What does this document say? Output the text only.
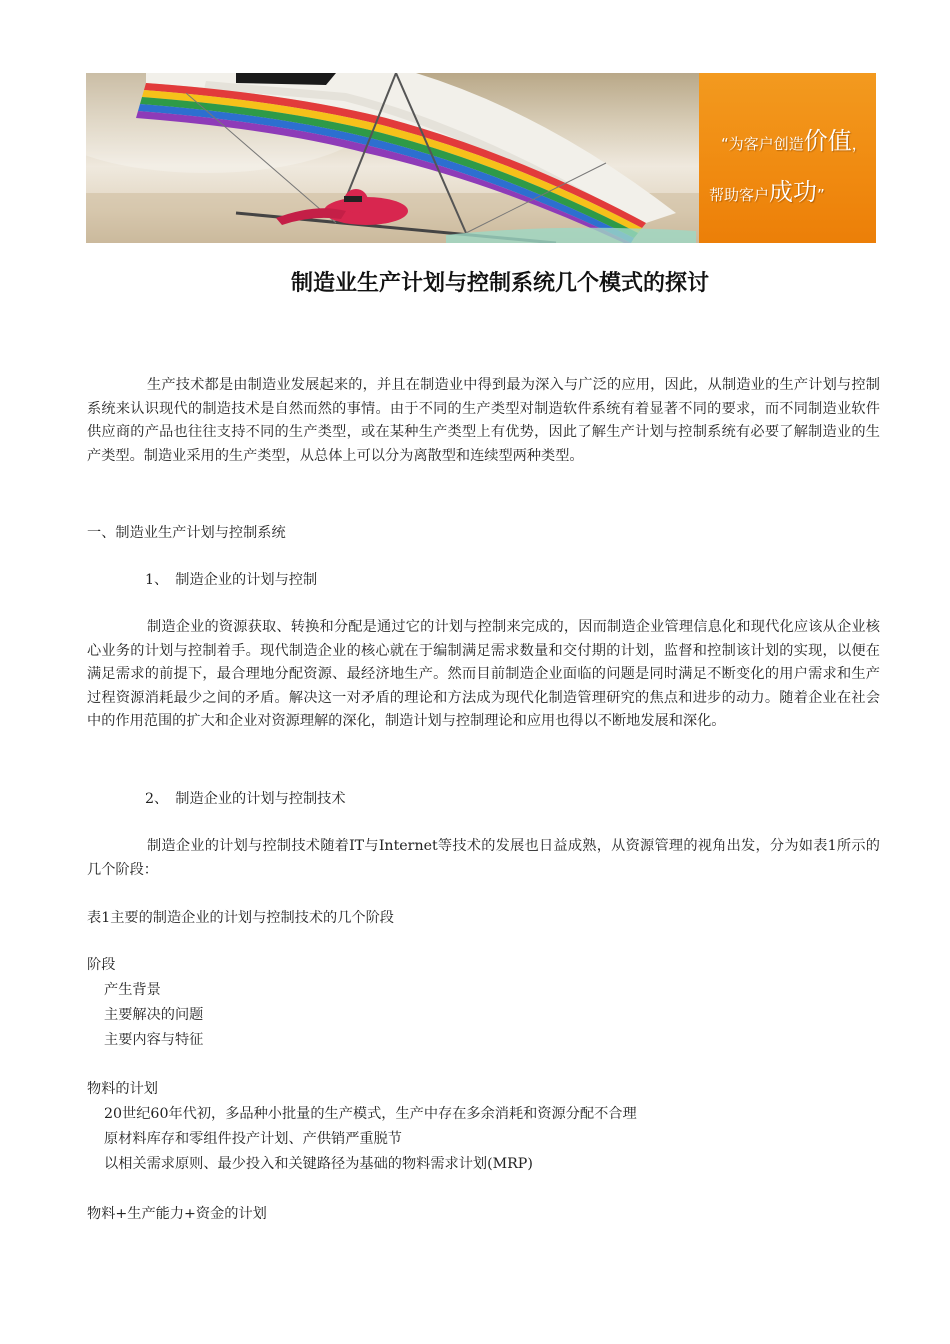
“为客户创造价值，
帮助客户成功”
制造业生产计划与控制系统几个模式的探讨

生产技术都是由制造业发展起来的，并且在制造业中得到最为深入与广泛的应用，因此，从制造业的生产计划与控制系统来认识现代的制造技术是自然而然的事情。由于不同的生产类型对制造软件系统有着显著不同的要求，而不同制造业软件供应商的产品也往往支持不同的生产类型，或在某种生产类型上有优势，因此了解生产计划与控制系统有必要了解制造业的生产类型。制造业采用的生产类型，从总体上可以分为离散型和连续型两种类型。

一、制造业生产计划与控制系统

1、　制造企业的计划与控制

制造企业的资源获取、转换和分配是通过它的计划与控制来完成的，因而制造企业管理信息化和现代化应该从企业核心业务的计划与控制着手。现代制造企业的核心就在于编制满足需求数量和交付期的计划，监督和控制该计划的实现，以便在满足需求的前提下，最合理地分配资源、最经济地生产。然而目前制造企业面临的问题是同时满足不断变化的用户需求和生产过程资源消耗最少之间的矛盾。解决这一对矛盾的理论和方法成为现代化制造管理研究的焦点和进步的动力。随着企业在社会中的作用范围的扩大和企业对资源理解的深化，制造计划与控制理论和应用也得以不断地发展和深化。

2、　制造企业的计划与控制技术

制造企业的计划与控制技术随着IT与Internet等技术的发展也日益成熟，从资源管理的视角出发，分为如表1所示的几个阶段：

表1主要的制造企业的计划与控制技术的几个阶段

阶段

产生背景

主要解决的问题

主要内容与特征

物料的计划

20世纪60年代初，多品种小批量的生产模式，生产中存在多余消耗和资源分配不合理

原材料库存和零组件投产计划、产供销严重脱节

以相关需求原则、最少投入和关键路径为基础的物料需求计划(MRP)

物料+生产能力+资金的计划
